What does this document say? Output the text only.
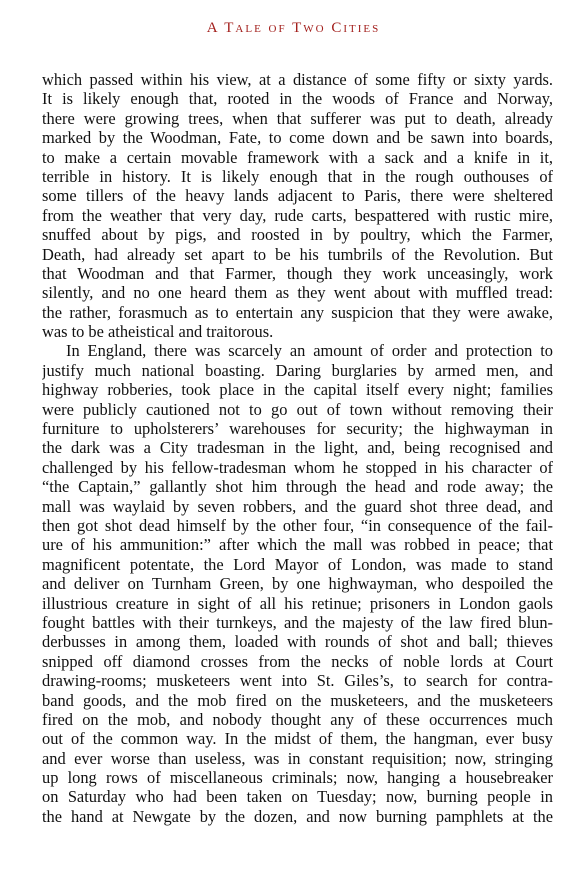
A Tale of Two Cities
which passed within his view, at a distance of some fifty or sixty yards.
It is likely enough that, rooted in the woods of France and Norway,
there were growing trees, when that sufferer was put to death, already
marked by the Woodman, Fate, to come down and be sawn into boards,
to make a certain movable framework with a sack and a knife in it,
terrible in history. It is likely enough that in the rough outhouses of
some tillers of the heavy lands adjacent to Paris, there were sheltered
from the weather that very day, rude carts, bespattered with rustic mire,
snuffed about by pigs, and roosted in by poultry, which the Farmer,
Death, had already set apart to be his tumbrils of the Revolution. But
that Woodman and that Farmer, though they work unceasingly, work
silently, and no one heard them as they went about with muffled tread:
the rather, forasmuch as to entertain any suspicion that they were awake,
was to be atheistical and traitorous.
In England, there was scarcely an amount of order and protection to
justify much national boasting. Daring burglaries by armed men, and
highway robberies, took place in the capital itself every night; families
were publicly cautioned not to go out of town without removing their
furniture to upholsterers’ warehouses for security; the highwayman in
the dark was a City tradesman in the light, and, being recognised and
challenged by his fellow-tradesman whom he stopped in his character of
“the Captain,” gallantly shot him through the head and rode away; the
mall was waylaid by seven robbers, and the guard shot three dead, and
then got shot dead himself by the other four, “in consequence of the fail-
ure of his ammunition:” after which the mall was robbed in peace; that
magnificent potentate, the Lord Mayor of London, was made to stand
and deliver on Turnham Green, by one highwayman, who despoiled the
illustrious creature in sight of all his retinue; prisoners in London gaols
fought battles with their turnkeys, and the majesty of the law fired blun-
derbusses in among them, loaded with rounds of shot and ball; thieves
snipped off diamond crosses from the necks of noble lords at Court
drawing-rooms; musketeers went into St. Giles’s, to search for contra-
band goods, and the mob fired on the musketeers, and the musketeers
fired on the mob, and nobody thought any of these occurrences much
out of the common way. In the midst of them, the hangman, ever busy
and ever worse than useless, was in constant requisition; now, stringing
up long rows of miscellaneous criminals; now, hanging a housebreaker
on Saturday who had been taken on Tuesday; now, burning people in
the hand at Newgate by the dozen, and now burning pamphlets at the
